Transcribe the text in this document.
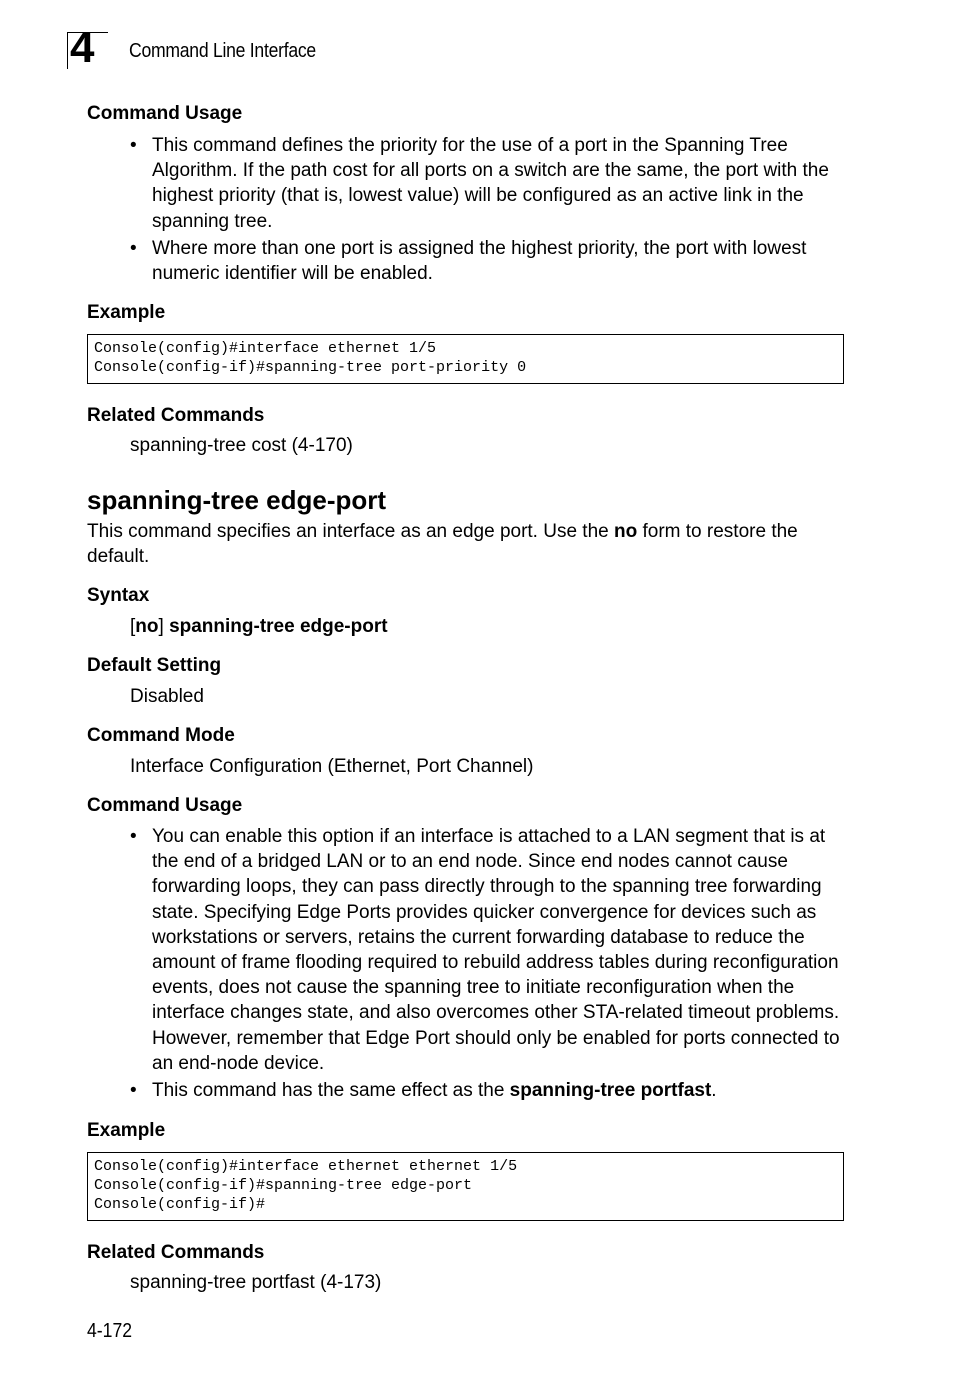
4 Command Line Interface
Command Usage
• This command defines the priority for the use of a port in the Spanning Tree Algorithm. If the path cost for all ports on a switch are the same, the port with the highest priority (that is, lowest value) will be configured as an active link in the spanning tree.
• Where more than one port is assigned the highest priority, the port with lowest numeric identifier will be enabled.
Example
Console(config)#interface ethernet 1/5
Console(config-if)#spanning-tree port-priority 0
Related Commands
spanning-tree cost (4-170)
spanning-tree edge-port
This command specifies an interface as an edge port. Use the no form to restore the default.
Syntax
[no] spanning-tree edge-port
Default Setting
Disabled
Command Mode
Interface Configuration (Ethernet, Port Channel)
Command Usage
• You can enable this option if an interface is attached to a LAN segment that is at the end of a bridged LAN or to an end node. Since end nodes cannot cause forwarding loops, they can pass directly through to the spanning tree forwarding state. Specifying Edge Ports provides quicker convergence for devices such as workstations or servers, retains the current forwarding database to reduce the amount of frame flooding required to rebuild address tables during reconfiguration events, does not cause the spanning tree to initiate reconfiguration when the interface changes state, and also overcomes other STA-related timeout problems. However, remember that Edge Port should only be enabled for ports connected to an end-node device.
• This command has the same effect as the spanning-tree portfast.
Example
Console(config)#interface ethernet ethernet 1/5
Console(config-if)#spanning-tree edge-port
Console(config-if)#
Related Commands
spanning-tree portfast (4-173)
4-172
